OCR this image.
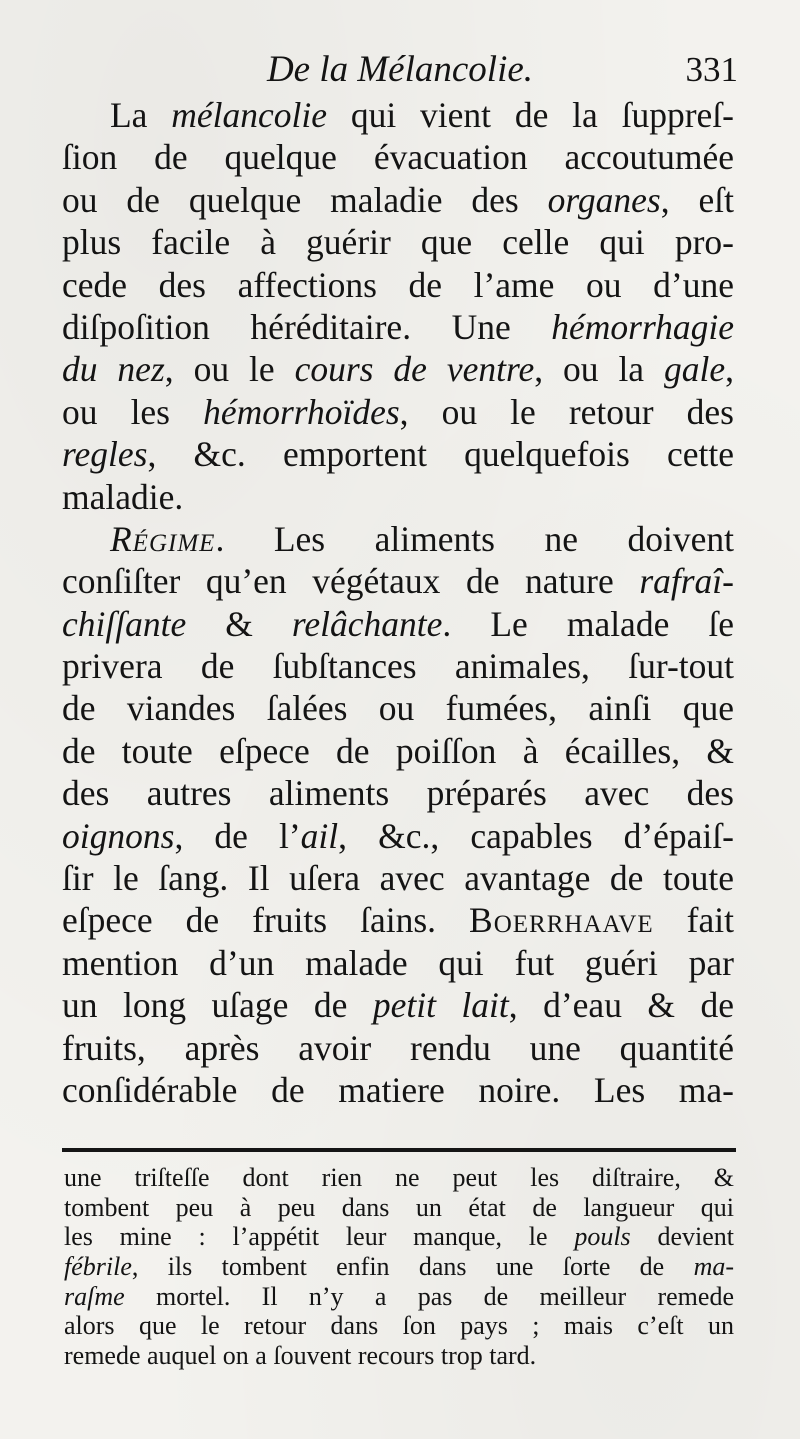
De la Mélancolie.	331
La mélancolie qui vient de la ſuppreſ-
ſion de quelque évacuation accoutumée
ou de quelque maladie des organes, eſt
plus facile à guérir que celle qui pro-
cede des affections de l’ame ou d’une
diſpoſition héréditaire. Une hémorrhagie
du nez, ou le cours de ventre, ou la gale,
ou les hémorrhoïdes, ou le retour des
regles, &c. emportent quelquefois cette
maladie.
Régime. Les aliments ne doivent
conſiſter qu’en végétaux de nature rafraî-
chiſſante & relâchante. Le malade ſe
privera de ſubſtances animales, ſur-tout
de viandes ſalées ou fumées, ainſi que
de toute eſpece de poiſſon à écailles, &
des autres aliments préparés avec des
oignons, de l’ail, &c., capables d’épaiſ-
ſir le ſang. Il uſera avec avantage de toute
eſpece de fruits ſains. Boerrhaave fait
mention d’un malade qui fut guéri par
un long uſage de petit lait, d’eau & de
fruits, après avoir rendu une quantité
conſidérable de matiere noire. Les ma-
une triſteſſe dont rien ne peut les diſtraire, &
tombent peu à peu dans un état de langueur qui
les mine : l’appétit leur manque, le pouls devient
fébrile, ils tombent enfin dans une ſorte de ma-
raſme mortel. Il n’y a pas de meilleur remede
alors que le retour dans ſon pays ; mais c’eſt un
remede auquel on a ſouvent recours trop tard.
